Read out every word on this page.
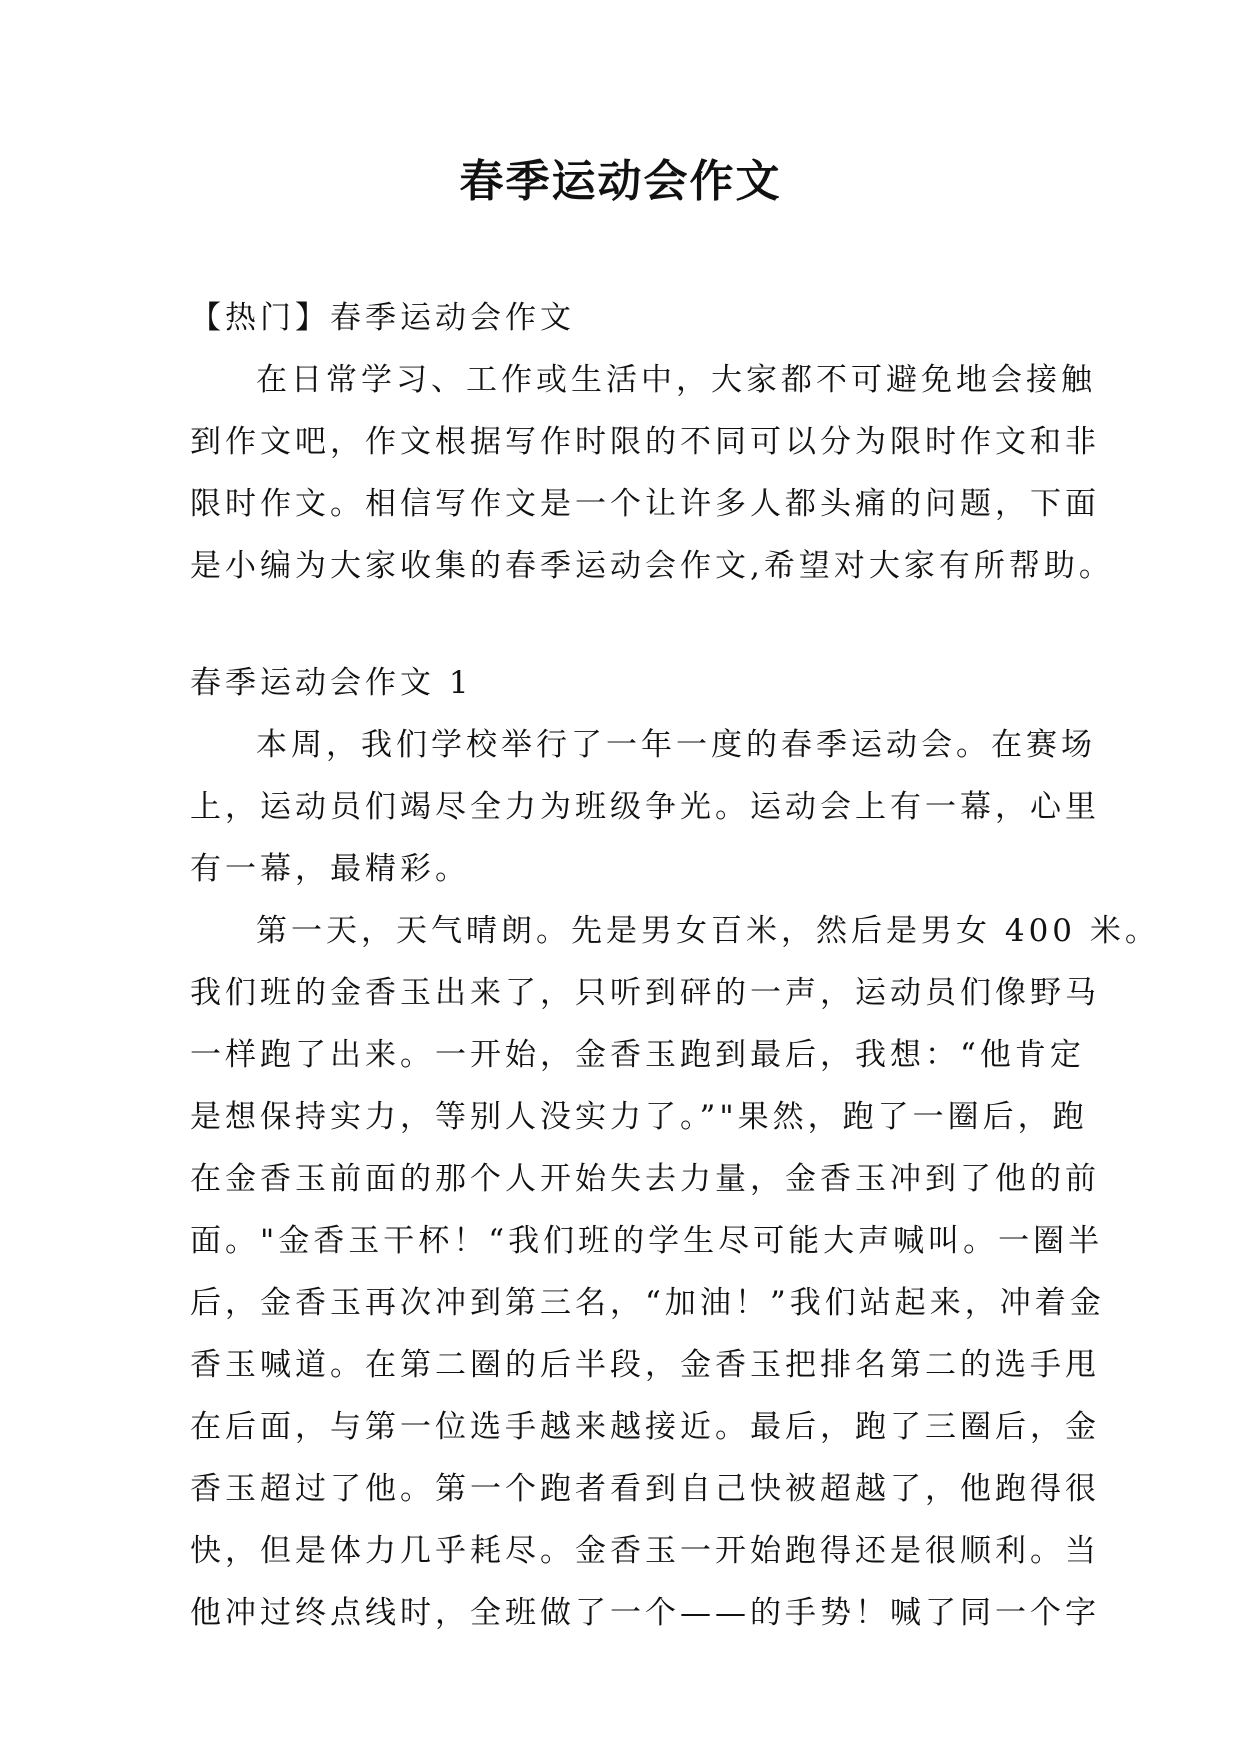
春季运动会作文
【热门】春季运动会作文
在日常学习、工作或生活中，大家都不可避免地会接触
到作文吧，作文根据写作时限的不同可以分为限时作文和非
限时作文。相信写作文是一个让许多人都头痛的问题，下面
是小编为大家收集的春季运动会作文,希望对大家有所帮助。
春季运动会作文 1
本周，我们学校举行了一年一度的春季运动会。在赛场
上，运动员们竭尽全力为班级争光。运动会上有一幕，心里
有一幕，最精彩。
第一天，天气晴朗。先是男女百米，然后是男女 400 米。
我们班的金香玉出来了，只听到砰的一声，运动员们像野马
一样跑了出来。一开始，金香玉跑到最后，我想：“他肯定
是想保持实力，等别人没实力了。”"果然，跑了一圈后，跑
在金香玉前面的那个人开始失去力量，金香玉冲到了他的前
面。"金香玉干杯！“我们班的学生尽可能大声喊叫。一圈半
后，金香玉再次冲到第三名，“加油！”我们站起来，冲着金
香玉喊道。在第二圈的后半段，金香玉把排名第二的选手甩
在后面，与第一位选手越来越接近。最后，跑了三圈后，金
香玉超过了他。第一个跑者看到自己快被超越了，他跑得很
快，但是体力几乎耗尽。金香玉一开始跑得还是很顺利。当
他冲过终点线时，全班做了一个——的手势！喊了同一个字
